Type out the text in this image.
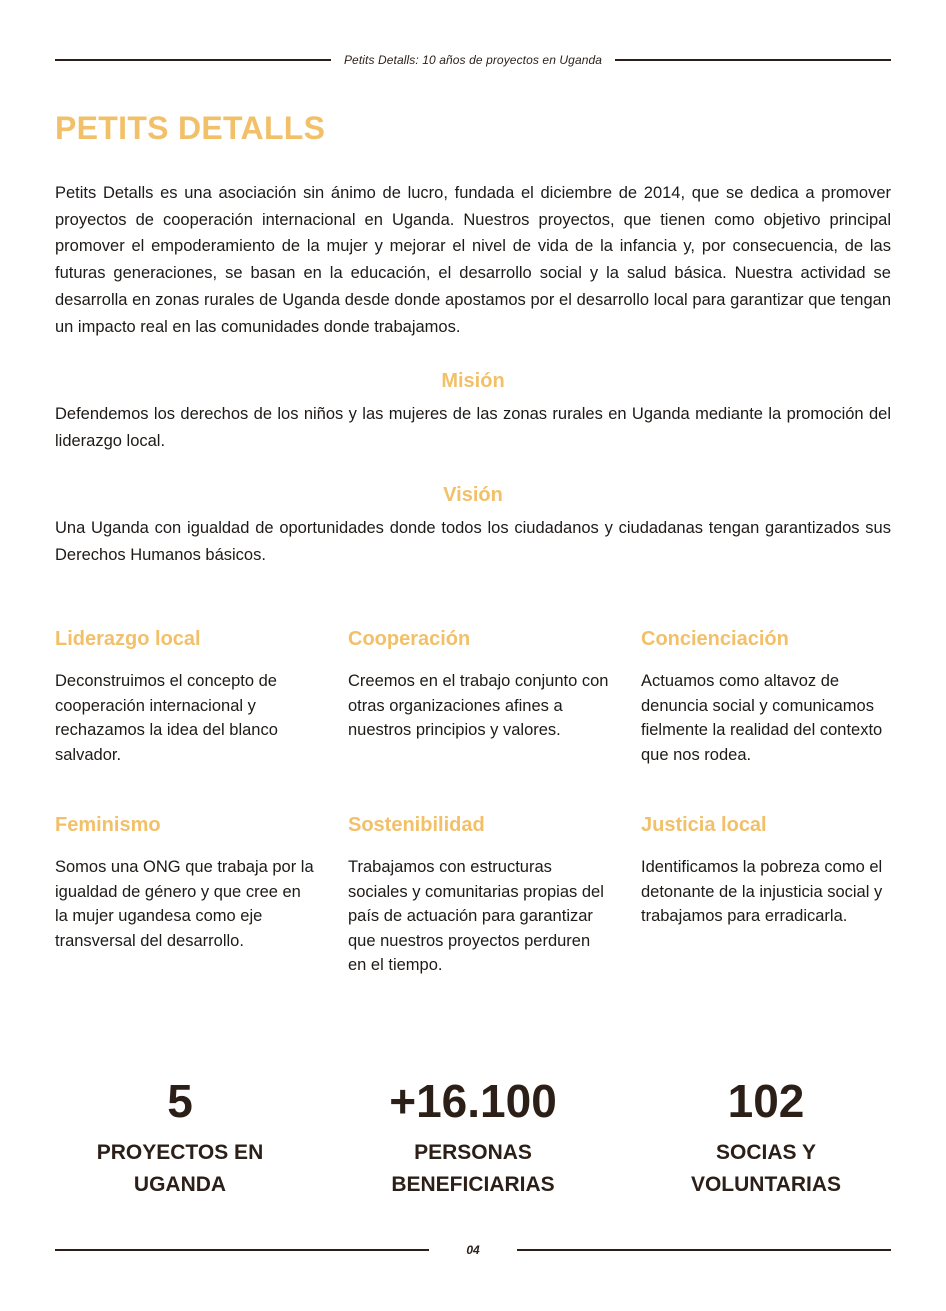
Petits Detalls: 10 años de proyectos en Uganda
PETITS DETALLS

Petits Detalls es una asociación sin ánimo de lucro, fundada el diciembre de 2014, que se dedica a promover proyectos de cooperación internacional en Uganda. Nuestros proyectos, que tienen como objetivo principal promover el empoderamiento de la mujer y mejorar el nivel de vida de la infancia y, por consecuencia, de las futuras generaciones, se basan en la educación, el desarrollo social y la salud básica. Nuestra actividad se desarrolla en zonas rurales de Uganda desde donde apostamos por el desarrollo local para garantizar que tengan un impacto real en las comunidades donde trabajamos.

Misión

Defendemos los derechos de los niños y las mujeres de las zonas rurales en Uganda mediante la promoción del liderazgo local.

Visión

Una Uganda con igualdad de oportunidades donde todos los ciudadanos y ciudadanas tengan garantizados sus Derechos Humanos básicos.

Liderazgo local

Deconstruimos el concepto de cooperación internacional y rechazamos la idea del blanco salvador.

Cooperación

Creemos en el trabajo conjunto con otras organizaciones afines a nuestros principios y valores.

Concienciación

Actuamos como altavoz de denuncia social y comunicamos fielmente la realidad del contexto que nos rodea.

Feminismo

Somos una ONG que trabaja por la igualdad de género y que cree en la mujer ugandesa como eje transversal del desarrollo.

Sostenibilidad

Trabajamos con estructuras sociales y comunitarias propias del país de actuación para garantizar que nuestros proyectos perduren en el tiempo.

Justicia local

Identificamos la pobreza como el detonante de la injusticia social y trabajamos para erradicarla.

5
PROYECTOS EN
UGANDA
+16.100
PERSONAS
BENEFICIARIAS
102
SOCIAS Y
VOLUNTARIAS
04
